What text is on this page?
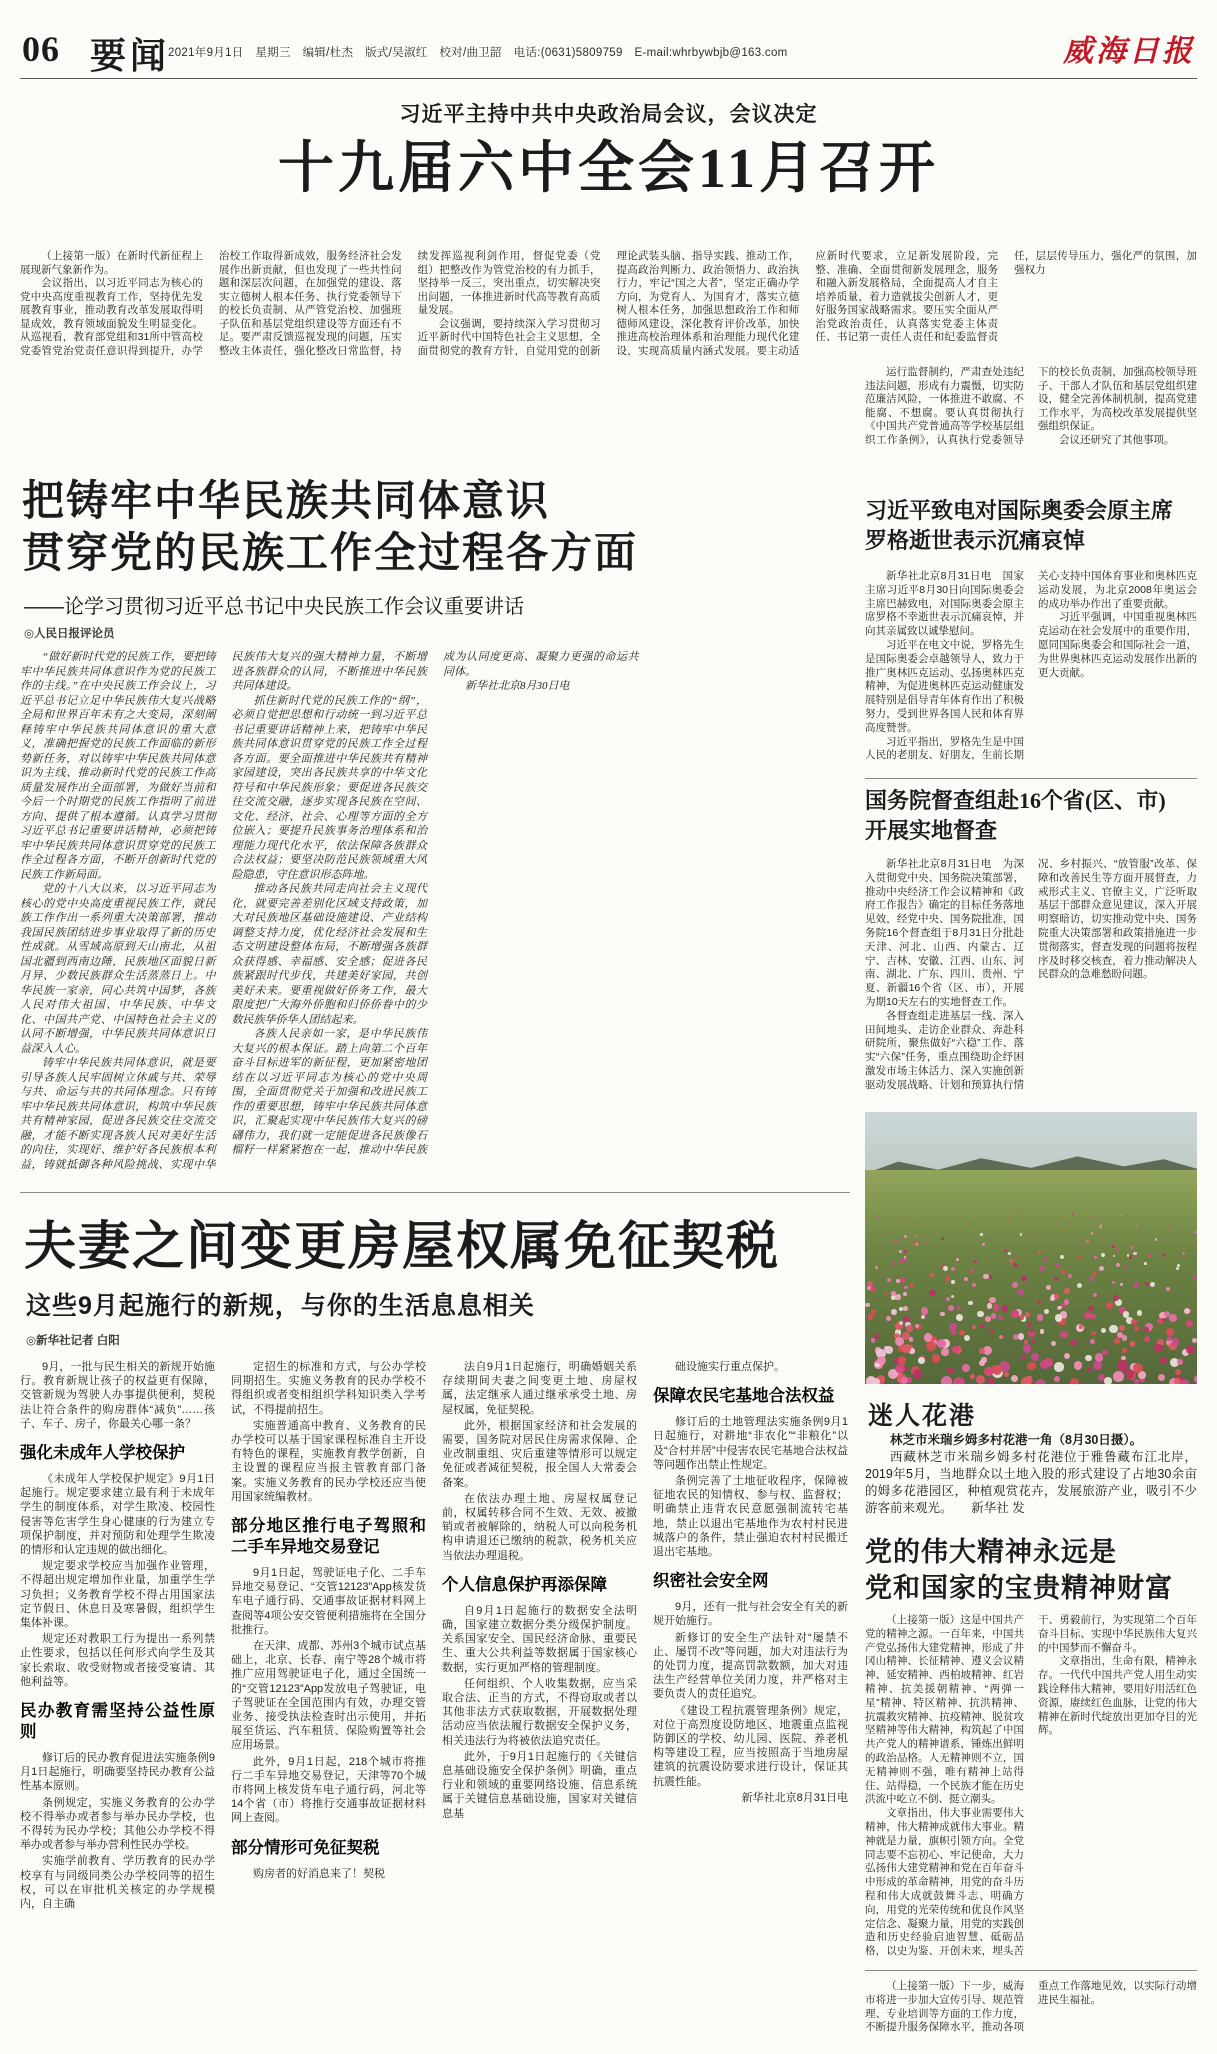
06 要闻
2021年9月1日　星期三　编辑/杜杰　版式/吴淑红　校对/曲卫韶　电话:(0631)5809759　E-mail:whrbywbjb@163.com	威海日报
习近平主持中共中央政治局会议，会议决定
十九届六中全会11月召开

（上接第一版）在新时代新征程上展现新气象新作为。

会议指出，以习近平同志为核心的党中央高度重视教育工作，坚持优先发展教育事业，推动教育改革发展取得明显成效，教育领域面貌发生明显变化。从巡视看，教育部党组和31所中管高校党委管党治党责任意识得到提升，办学治校工作取得新成效，服务经济社会发展作出新贡献，但也发现了一些共性问题和深层次问题，在加强党的建设、落实立德树人根本任务、执行党委领导下的校长负责制、从严管党治校、加强班子队伍和基层党组织建设等方面还有不足。要严肃反馈巡视发现的问题，压实整改主体责任，强化整改日常监督，持续发挥巡视利剑作用，督促党委（党组）把整改作为管党治校的有力抓手，坚持举一反三，突出重点，切实解决突出问题，一体推进新时代高等教育高质量发展。

会议强调，要持续深入学习贯彻习近平新时代中国特色社会主义思想，全面贯彻党的教育方针，自觉用党的创新理论武装头脑、指导实践、推动工作，提高政治判断力、政治领悟力、政治执行力，牢记“国之大者”，坚定正确办学方向，为党育人、为国育才，落实立德树人根本任务，加强思想政治工作和师德师风建设，深化教育评价改革，加快推进高校治理体系和治理能力现代化建设，实现高质量内涵式发展。要主动适应新时代要求，立足新发展阶段，完整、准确、全面贯彻新发展理念，服务和融入新发展格局，全面提高人才自主培养质量，着力造就拔尖创新人才，更好服务国家战略需求。要压实全面从严治党政治责任，认真落实党委主体责任、书记第一责任人责任和纪委监督责任，层层传导压力，强化严的氛围，加强权力

运行监督制约，严肃查处违纪违法问题，形成有力震慑，切实防范廉洁风险，一体推进不敢腐、不能腐、不想腐。要认真贯彻执行《中国共产党普通高等学校基层组织工作条例》，认真执行党委领导下的校长负责制，加强高校领导班子、干部人才队伍和基层党组织建设，健全完善体制机制，提高党建工作水平，为高校改革发展提供坚强组织保证。

会议还研究了其他事项。

把铸牢中华民族共同体意识
贯穿党的民族工作全过程各方面
——论学习贯彻习近平总书记中央民族工作会议重要讲话
◎人民日报评论员

“做好新时代党的民族工作，要把铸牢中华民族共同体意识作为党的民族工作的主线。”在中央民族工作会议上，习近平总书记立足中华民族伟大复兴战略全局和世界百年未有之大变局，深刻阐释铸牢中华民族共同体意识的重大意义，准确把握党的民族工作面临的新形势新任务，对以铸牢中华民族共同体意识为主线、推动新时代党的民族工作高质量发展作出全面部署，为做好当前和今后一个时期党的民族工作指明了前进方向、提供了根本遵循。认真学习贯彻习近平总书记重要讲话精神，必须把铸牢中华民族共同体意识贯穿党的民族工作全过程各方面，不断开创新时代党的民族工作新局面。

党的十八大以来，以习近平同志为核心的党中央高度重视民族工作，就民族工作作出一系列重大决策部署，推动我国民族团结进步事业取得了新的历史性成就。从雪域高原到天山南北，从祖国北疆到西南边陲，民族地区面貌日新月异、少数民族群众生活蒸蒸日上。中华民族一家亲，同心共筑中国梦，各族人民对伟大祖国、中华民族、中华文化、中国共产党、中国特色社会主义的认同不断增强，中华民族共同体意识日益深入人心。

铸牢中华民族共同体意识，就是要引导各族人民牢固树立休戚与共、荣辱与共、命运与共的共同体理念。只有铸牢中华民族共同体意识，构筑中华民族共有精神家园，促进各民族交往交流交融，才能不断实现各族人民对美好生活的向往，实现好、维护好各民族根本利益，铸就抵御各种风险挑战、实现中华民族伟大复兴的强大精神力量，不断增进各族群众的认同，不断推进中华民族共同体建设。

抓住新时代党的民族工作的“纲”，必须自觉把思想和行动统一到习近平总书记重要讲话精神上来，把铸牢中华民族共同体意识贯穿党的民族工作全过程各方面。要全面推进中华民族共有精神家园建设，突出各民族共享的中华文化符号和中华民族形象；要促进各民族交往交流交融，逐步实现各民族在空间、文化、经济、社会、心理等方面的全方位嵌入；要提升民族事务治理体系和治理能力现代化水平，依法保障各族群众合法权益；要坚决防范民族领域重大风险隐患，守住意识形态阵地。

推动各民族共同走向社会主义现代化，就要完善差别化区域支持政策，加大对民族地区基础设施建设、产业结构调整支持力度，优化经济社会发展和生态文明建设整体布局，不断增强各族群众获得感、幸福感、安全感；促进各民族紧跟时代步伐，共建美好家园，共创美好未来。要重视做好侨务工作，最大限度把广大海外侨胞和归侨侨眷中的少数民族华侨华人团结起来。

各族人民亲如一家，是中华民族伟大复兴的根本保证。踏上向第二个百年奋斗目标进军的新征程，更加紧密地团结在以习近平同志为核心的党中央周围，全面贯彻党关于加强和改进民族工作的重要思想，铸牢中华民族共同体意识，汇聚起实现中华民族伟大复兴的磅礴伟力，我们就一定能促进各民族像石榴籽一样紧紧抱在一起，推动中华民族成为认同度更高、凝聚力更强的命运共同体。

新华社北京8月30日电

习近平致电对国际奥委会原主席
罗格逝世表示沉痛哀悼

新华社北京8月31日电　国家主席习近平8月30日向国际奥委会主席巴赫致电，对国际奥委会原主席罗格不幸逝世表示沉痛哀悼，并向其亲属致以诚挚慰问。

习近平在电文中说，罗格先生是国际奥委会卓越领导人，致力于推广奥林匹克运动、弘扬奥林匹克精神，为促进奥林匹克运动健康发展特别是倡导青年体育作出了积极努力，受到世界各国人民和体育界高度赞誉。

习近平指出，罗格先生是中国人民的老朋友、好朋友，生前长期关心支持中国体育事业和奥林匹克运动发展，为北京2008年奥运会的成功举办作出了重要贡献。

习近平强调，中国重视奥林匹克运动在社会发展中的重要作用，愿同国际奥委会和国际社会一道，为世界奥林匹克运动发展作出新的更大贡献。

国务院督查组赴16个省(区、市)
开展实地督查

新华社北京8月31日电　为深入贯彻党中央、国务院决策部署，推动中央经济工作会议精神和《政府工作报告》确定的目标任务落地见效，经党中央、国务院批准，国务院16个督查组于8月31日分批赴天津、河北、山西、内蒙古、辽宁、吉林、安徽、江西、山东、河南、湖北、广东、四川、贵州、宁夏、新疆16个省（区、市），开展为期10天左右的实地督查工作。

各督查组走进基层一线、深入田间地头、走访企业群众、奔赴科研院所，聚焦做好“六稳”工作、落实“六保”任务，重点围绕助企纾困激发市场主体活力、深入实施创新驱动发展战略、计划和预算执行情况、乡村振兴、“放管服”改革、保障和改善民生等方面开展督查，力戒形式主义、官僚主义，广泛听取基层干部群众意见建议，深入开展明察暗访，切实推动党中央、国务院重大决策部署和政策措施进一步贯彻落实，督查发现的问题将按程序及时移交核查，着力推动解决人民群众的急难愁盼问题。

迷人花港

林芝市米瑞乡姆多村花港一角（8月30日摄）。

西藏林芝市米瑞乡姆多村花港位于雅鲁藏布江北岸，2019年5月，当地群众以土地入股的形式建设了占地30余亩的姆多花港园区，种植观赏花卉，发展旅游产业，吸引不少游客前来观光。　　 新华社 发

党的伟大精神永远是
党和国家的宝贵精神财富

（上接第一版）这是中国共产党的精神之源。一百年来，中国共产党弘扬伟大建党精神，形成了井冈山精神、长征精神、遵义会议精神、延安精神、西柏坡精神、红岩精神、抗美援朝精神、“两弹一星”精神、特区精神、抗洪精神、抗震救灾精神、抗疫精神、脱贫攻坚精神等伟大精神，构筑起了中国共产党人的精神谱系，锤炼出鲜明的政治品格。人无精神则不立，国无精神则不强，唯有精神上站得住、站得稳，一个民族才能在历史洪流中屹立不倒、挺立潮头。

文章指出，伟大事业需要伟大精神，伟大精神成就伟大事业。精神就是力量，旗帜引领方向。全党同志要不忘初心、牢记使命，大力弘扬伟大建党精神和党在百年奋斗中形成的革命精神，用党的奋斗历程和伟大成就鼓舞斗志、明确方向，用党的光荣传统和优良作风坚定信念、凝聚力量，用党的实践创造和历史经验启迪智慧、砥砺品格，以史为鉴、开创未来，埋头苦干、勇毅前行，为实现第二个百年奋斗目标、实现中华民族伟大复兴的中国梦而不懈奋斗。

文章指出，生命有限，精神永存。一代代中国共产党人用生动实践诠释伟大精神，要用好用活红色资源，赓续红色血脉，让党的伟大精神在新时代绽放出更加夺目的光辉。

（上接第一版）下一步，威海市将进一步加大宣传引导、规范管理、专业培训等方面的工作力度，不断提升服务保障水平，推动各项重点工作落地见效，以实际行动增进民生福祉。

夫妻之间变更房屋权属免征契税
这些9月起施行的新规，与你的生活息息相关
◎新华社记者 白阳

9月，一批与民生相关的新规开始施行。教育新规让孩子的权益更有保障，交管新规为驾驶人办事提供便利，契税法让符合条件的购房群体“减负”……孩子、车子、房子，你最关心哪一条？

强化未成年人学校保护

《未成年人学校保护规定》9月1日起施行。规定要求建立最有利于未成年学生的制度体系，对学生欺凌、校园性侵害等危害学生身心健康的行为建立专项保护制度，并对预防和处理学生欺凌的情形和认定违规的做出细化。

规定要求学校应当加强作业管理，不得超出规定增加作业量，加重学生学习负担；义务教育学校不得占用国家法定节假日、休息日及寒暑假，组织学生集体补课。

规定还对教职工行为提出一系列禁止性要求，包括以任何形式向学生及其家长索取、收受财物或者接受宴请、其他利益等。

民办教育需坚持公益性原则

修订后的民办教育促进法实施条例9月1日起施行，明确要坚持民办教育公益性基本原则。

条例规定，实施义务教育的公办学校不得举办或者参与举办民办学校，也不得转为民办学校；其他公办学校不得举办或者参与举办营利性民办学校。

实施学前教育、学历教育的民办学校享有与同级同类公办学校同等的招生权，可以在审批机关核定的办学规模内，自主确

定招生的标准和方式，与公办学校同期招生。实施义务教育的民办学校不得组织或者变相组织学科知识类入学考试，不得提前招生。

实施普通高中教育、义务教育的民办学校可以基于国家课程标准自主开设有特色的课程，实施教育教学创新，自主设置的课程应当报主管教育部门备案。实施义务教育的民办学校还应当使用国家统编教材。

部分地区推行电子驾照和二手车异地交易登记

9月1日起，驾驶证电子化、二手车异地交易登记、“交管12123”App核发货车电子通行码、交通事故证据材料网上查阅等4项公安交管便利措施将在全国分批推行。

在天津、成都、苏州3个城市试点基础上，北京、长春、南宁等28个城市将推广应用驾驶证电子化，通过全国统一的“交管12123”App发放电子驾驶证，电子驾驶证在全国范围内有效，办理交管业务、接受执法检查时出示使用，并拓展至货运、汽车租赁、保险购置等社会应用场景。

此外，9月1日起，218个城市将推行二手车异地交易登记，天津等70个城市将网上核发货车电子通行码，河北等14个省（市）将推行交通事故证据材料网上查阅。

部分情形可免征契税

购房者的好消息来了！契税

法自9月1日起施行，明确婚姻关系存续期间夫妻之间变更土地、房屋权属，法定继承人通过继承承受土地、房屋权属，免征契税。

此外，根据国家经济和社会发展的需要，国务院对居民住房需求保障、企业改制重组、灾后重建等情形可以规定免征或者减征契税，报全国人大常委会备案。

在依法办理土地、房屋权属登记前，权属转移合同不生效、无效、被撤销或者被解除的，纳税人可以向税务机构申请退还已缴纳的税款，税务机关应当依法办理退税。

个人信息保护再添保障

自9月1日起施行的数据安全法明确，国家建立数据分类分级保护制度。关系国家安全、国民经济命脉、重要民生、重大公共利益等数据属于国家核心数据，实行更加严格的管理制度。

任何组织、个人收集数据，应当采取合法、正当的方式，不得窃取或者以其他非法方式获取数据，开展数据处理活动应当依法履行数据安全保护义务，相关违法行为将被依法追究责任。

此外，于9月1日起施行的《关键信息基础设施安全保护条例》明确，重点行业和领域的重要网络设施、信息系统属于关键信息基础设施，国家对关键信息基

础设施实行重点保护。

保障农民宅基地合法权益

修订后的土地管理法实施条例9月1日起施行，对耕地“非农化”“非粮化”以及“合村并居”中侵害农民宅基地合法权益等问题作出禁止性规定。

条例完善了土地征收程序，保障被征地农民的知情权、参与权、监督权；明确禁止违背农民意愿强制流转宅基地，禁止以退出宅基地作为农村村民进城落户的条件，禁止强迫农村村民搬迁退出宅基地。

织密社会安全网

9月，还有一批与社会安全有关的新规开始施行。

新修订的安全生产法针对“屡禁不止、屡罚不改”等问题，加大对违法行为的处罚力度，提高罚款数额，加大对违法生产经营单位关闭力度，并严格对主要负责人的责任追究。

《建设工程抗震管理条例》规定，对位于高烈度设防地区、地震重点监视防御区的学校、幼儿园、医院、养老机构等建设工程，应当按照高于当地房屋建筑的抗震设防要求进行设计，保证其抗震性能。

新华社北京8月31日电
